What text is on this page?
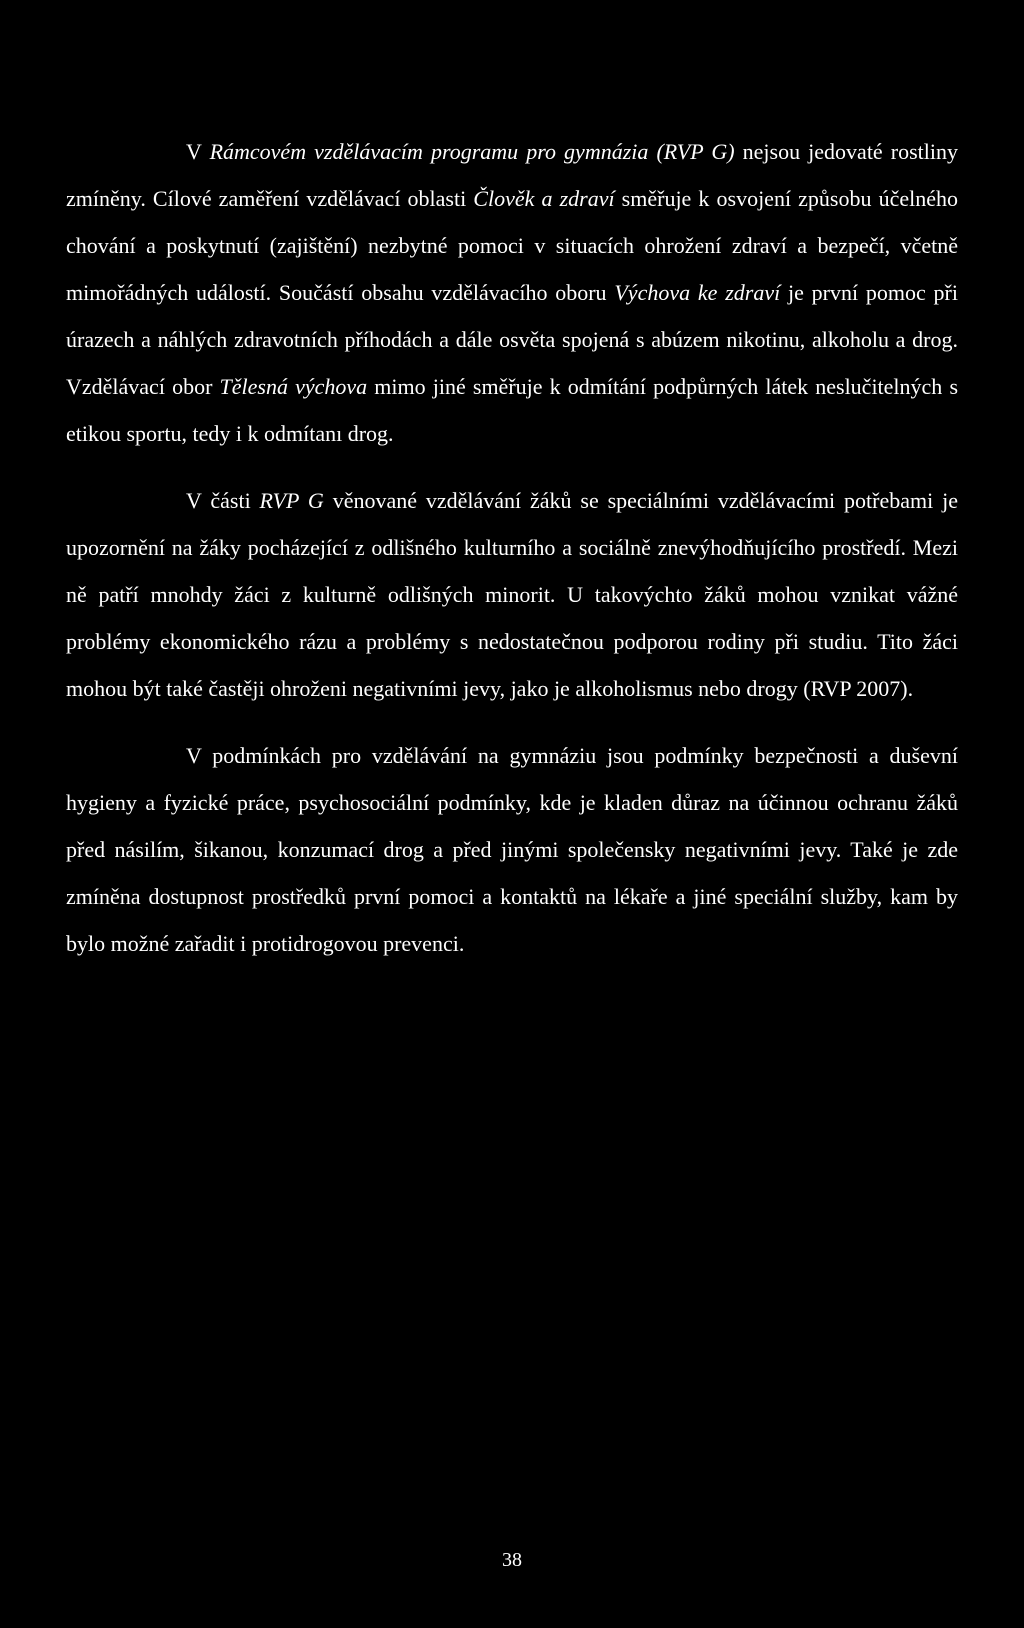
V Rámcovém vzdělávacím programu pro gymnázia (RVP G) nejsou jedovaté rostliny zmíněny. Cílové zaměření vzdělávací oblasti Člověk a zdraví směřuje k osvojení způsobu účelného chování a poskytnutí (zajištění) nezbytné pomoci v situacích ohrožení zdraví a bezpečí, včetně mimořádných událostí. Součástí obsahu vzdělávacího oboru Výchova ke zdraví je první pomoc při úrazech a náhlých zdravotních příhodách a dále osvěta spojená s abúzem nikotinu, alkoholu a drog. Vzdělávací obor Tělesná výchova mimo jiné směřuje k odmítání podpůrných látek neslučitelných s etikou sportu, tedy i k odmítanı drog.

V části RVP G věnované vzdělávání žáků se speciálními vzdělávacími potřebami je upozornění na žáky pocházející z odlišného kulturního a sociálně znevýhodňujícího prostředí. Mezi ně patří mnohdy žáci z kulturně odlišných minorit. U takovýchto žáků mohou vznikat vážné problémy ekonomického rázu a problémy s nedostatečnou podporou rodiny při studiu. Tito žáci mohou být také častěji ohroženi negativními jevy, jako je alkoholismus nebo drogy (RVP 2007).

V podmínkách pro vzdělávání na gymnáziu jsou podmínky bezpečnosti a duševní hygieny a fyzické práce, psychosociální podmínky, kde je kladen důraz na účinnou ochranu žáků před násilím, šikanou, konzumací drog a před jinými společensky negativními jevy. Také je zde zmíněna dostupnost prostředků první pomoci a kontaktů na lékaře a jiné speciální služby, kam by bylo možné zařadit i protidrogovou prevenci.

38
